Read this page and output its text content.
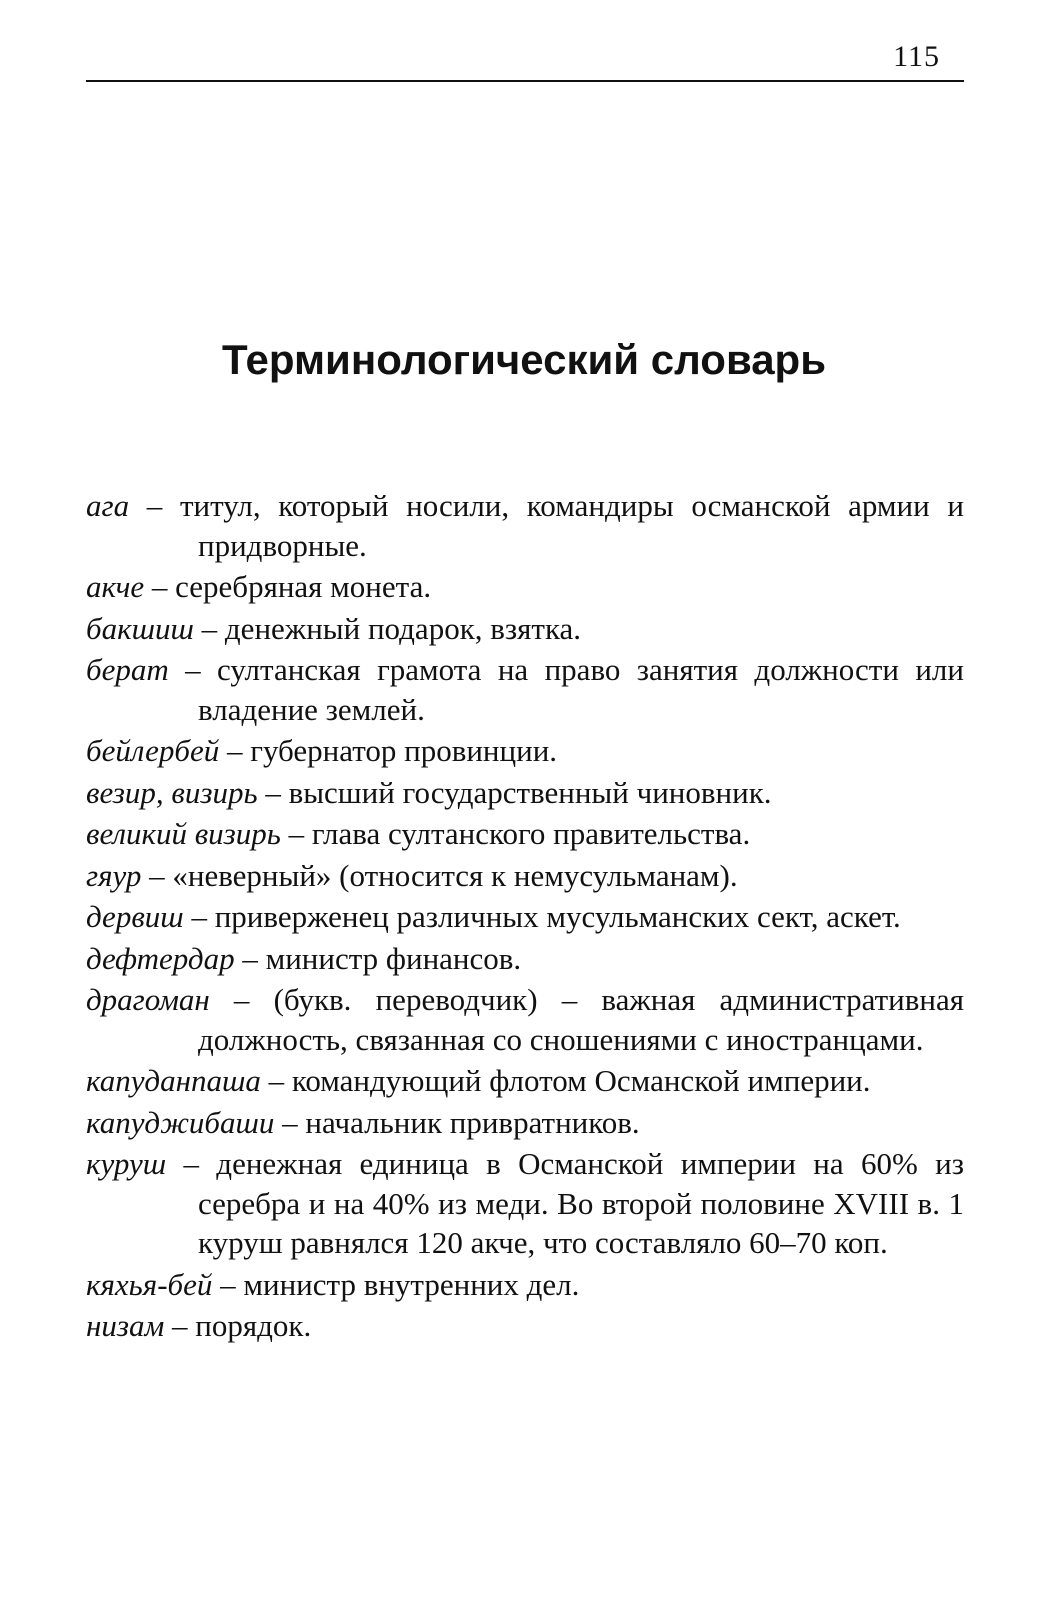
115
Терминологический словарь
ага – титул, который носили, командиры османской армии и придворные.
акче – серебряная монета.
бакшиш – денежный подарок, взятка.
берат – султанская грамота на право занятия должности или владение землей.
бейлербей – губернатор провинции.
везир, визирь – высший государственный чиновник.
великий визирь – глава султанского правительства.
гяур – «неверный» (относится к немусульманам).
дервиш – приверженец различных мусульманских сект, аскет.
дефтердар – министр финансов.
драгоман – (букв. переводчик) – важная административная должность, связанная со сношениями с иностранцами.
капуданпаша – командующий флотом Османской империи.
капуджибаши – начальник привратников.
куруш – денежная единица в Османской империи на 60% из серебра и на 40% из меди. Во второй половине XVIII в. 1 куруш равнялся 120 акче, что составляло 60–70 коп.
кяхья-бей – министр внутренних дел.
низам – порядок.
